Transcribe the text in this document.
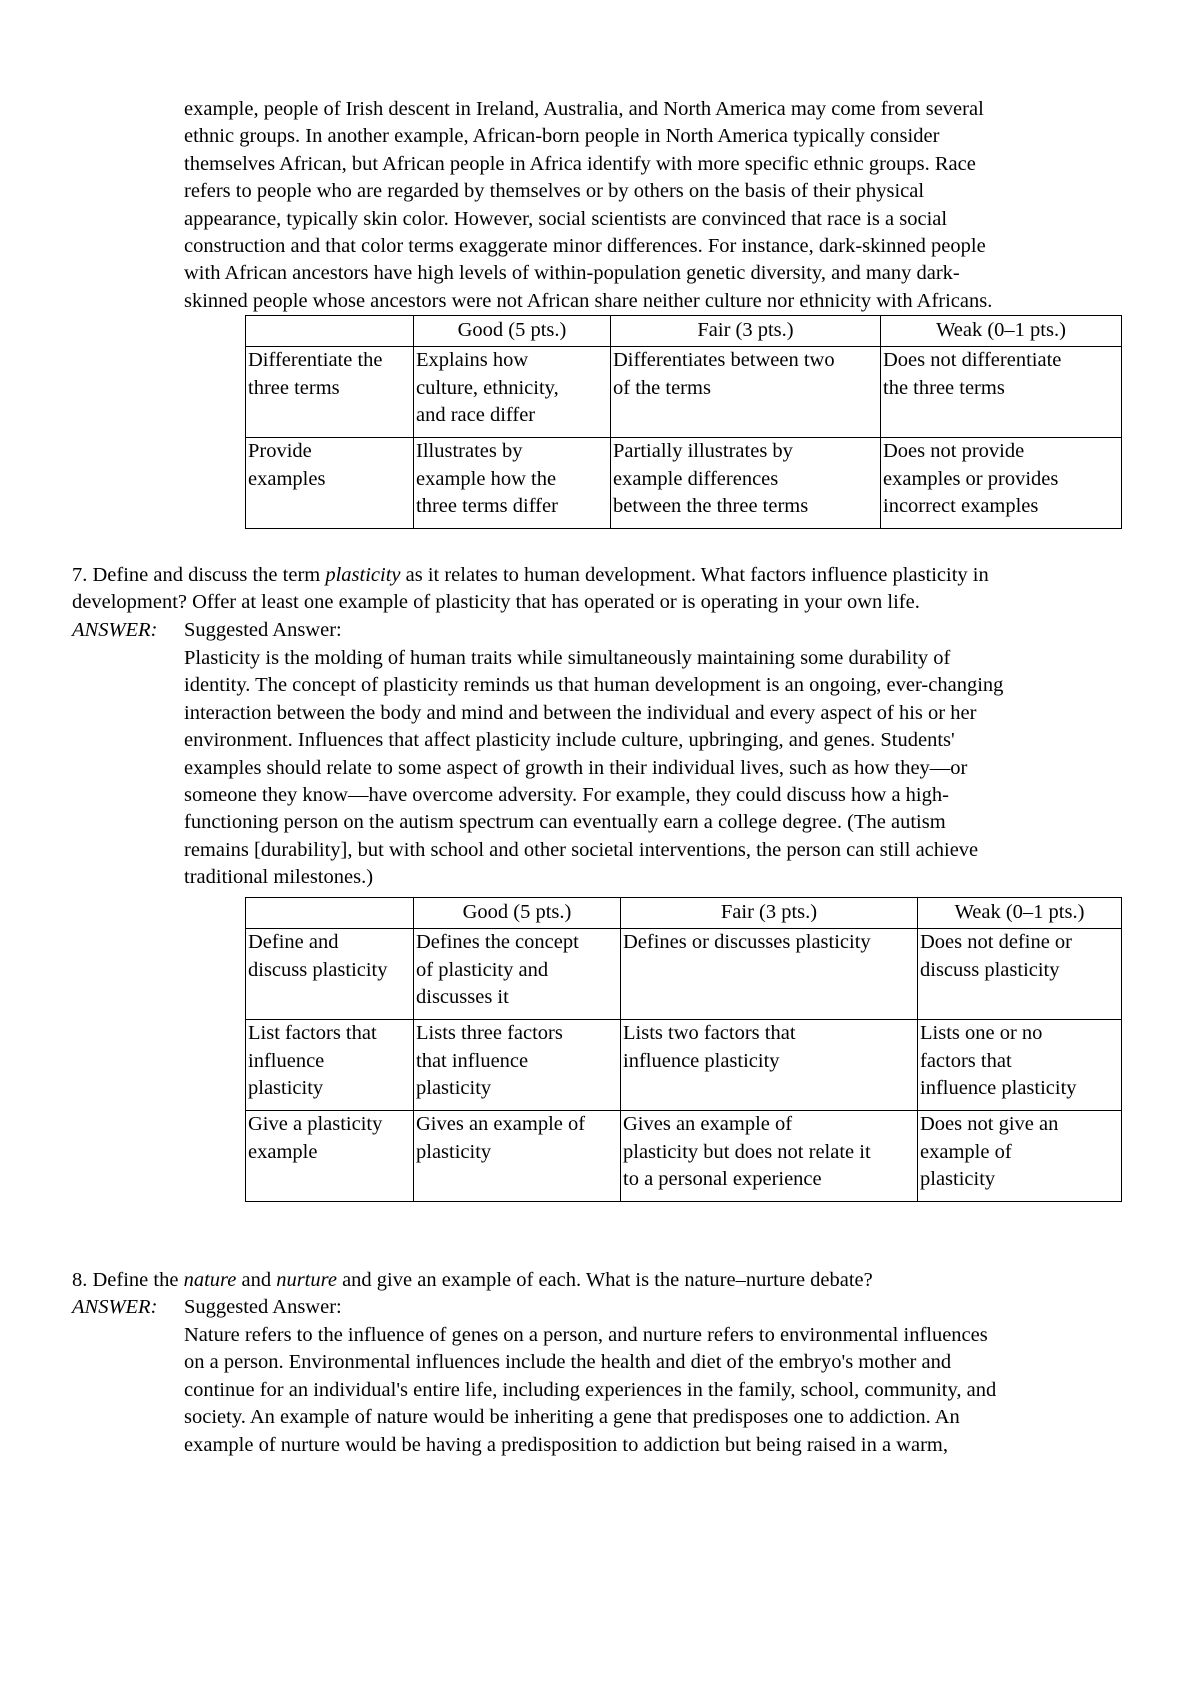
example, people of Irish descent in Ireland, Australia, and North America may come from several
ethnic groups. In another example, African-born people in North America typically consider
themselves African, but African people in Africa identify with more specific ethnic groups. Race
refers to people who are regarded by themselves or by others on the basis of their physical
appearance, typically skin color. However, social scientists are convinced that race is a social
construction and that color terms exaggerate minor differences. For instance, dark-skinned people
with African ancestors have high levels of within-population genetic diversity, and many dark-
skinned people whose ancestors were not African share neither culture nor ethnicity with Africans.
	Good (5 pts.)	Fair (3 pts.)	Weak (0–1 pts.)

Differentiate the
three terms	Explains how
culture, ethnicity,
and race differ	Differentiates between two
of the terms	Does not differentiate
the three terms

Provide
examples	Illustrates by
example how the
three terms differ	Partially illustrates by
example differences
between the three terms	Does not provide
examples or provides
incorrect examples
7. Define and discuss the term plasticity as it relates to human development. What factors influence plasticity in
development? Offer at least one example of plasticity that has operated or is operating in your own life.
ANSWER: Suggested Answer:
Plasticity is the molding of human traits while simultaneously maintaining some durability of
identity. The concept of plasticity reminds us that human development is an ongoing, ever-changing
interaction between the body and mind and between the individual and every aspect of his or her
environment. Influences that affect plasticity include culture, upbringing, and genes. Students'
examples should relate to some aspect of growth in their individual lives, such as how they—or
someone they know—have overcome adversity. For example, they could discuss how a high-
functioning person on the autism spectrum can eventually earn a college degree. (The autism
remains [durability], but with school and other societal interventions, the person can still achieve
traditional milestones.)
	Good (5 pts.)	Fair (3 pts.)	Weak (0–1 pts.)

Define and
discuss plasticity	Defines the concept
of plasticity and
discusses it	Defines or discusses plasticity	Does not define or
discuss plasticity

List factors that
influence
plasticity	Lists three factors
that influence
plasticity	Lists two factors that
influence plasticity	Lists one or no
factors that
influence plasticity

Give a plasticity
example	Gives an example of
plasticity	Gives an example of
plasticity but does not relate it
to a personal experience	Does not give an
example of
plasticity
8. Define the nature and nurture and give an example of each. What is the nature–nurture debate?
ANSWER: Suggested Answer:
Nature refers to the influence of genes on a person, and nurture refers to environmental influences
on a person. Environmental influences include the health and diet of the embryo's mother and
continue for an individual's entire life, including experiences in the family, school, community, and
society. An example of nature would be inheriting a gene that predisposes one to addiction. An
example of nurture would be having a predisposition to addiction but being raised in a warm,
